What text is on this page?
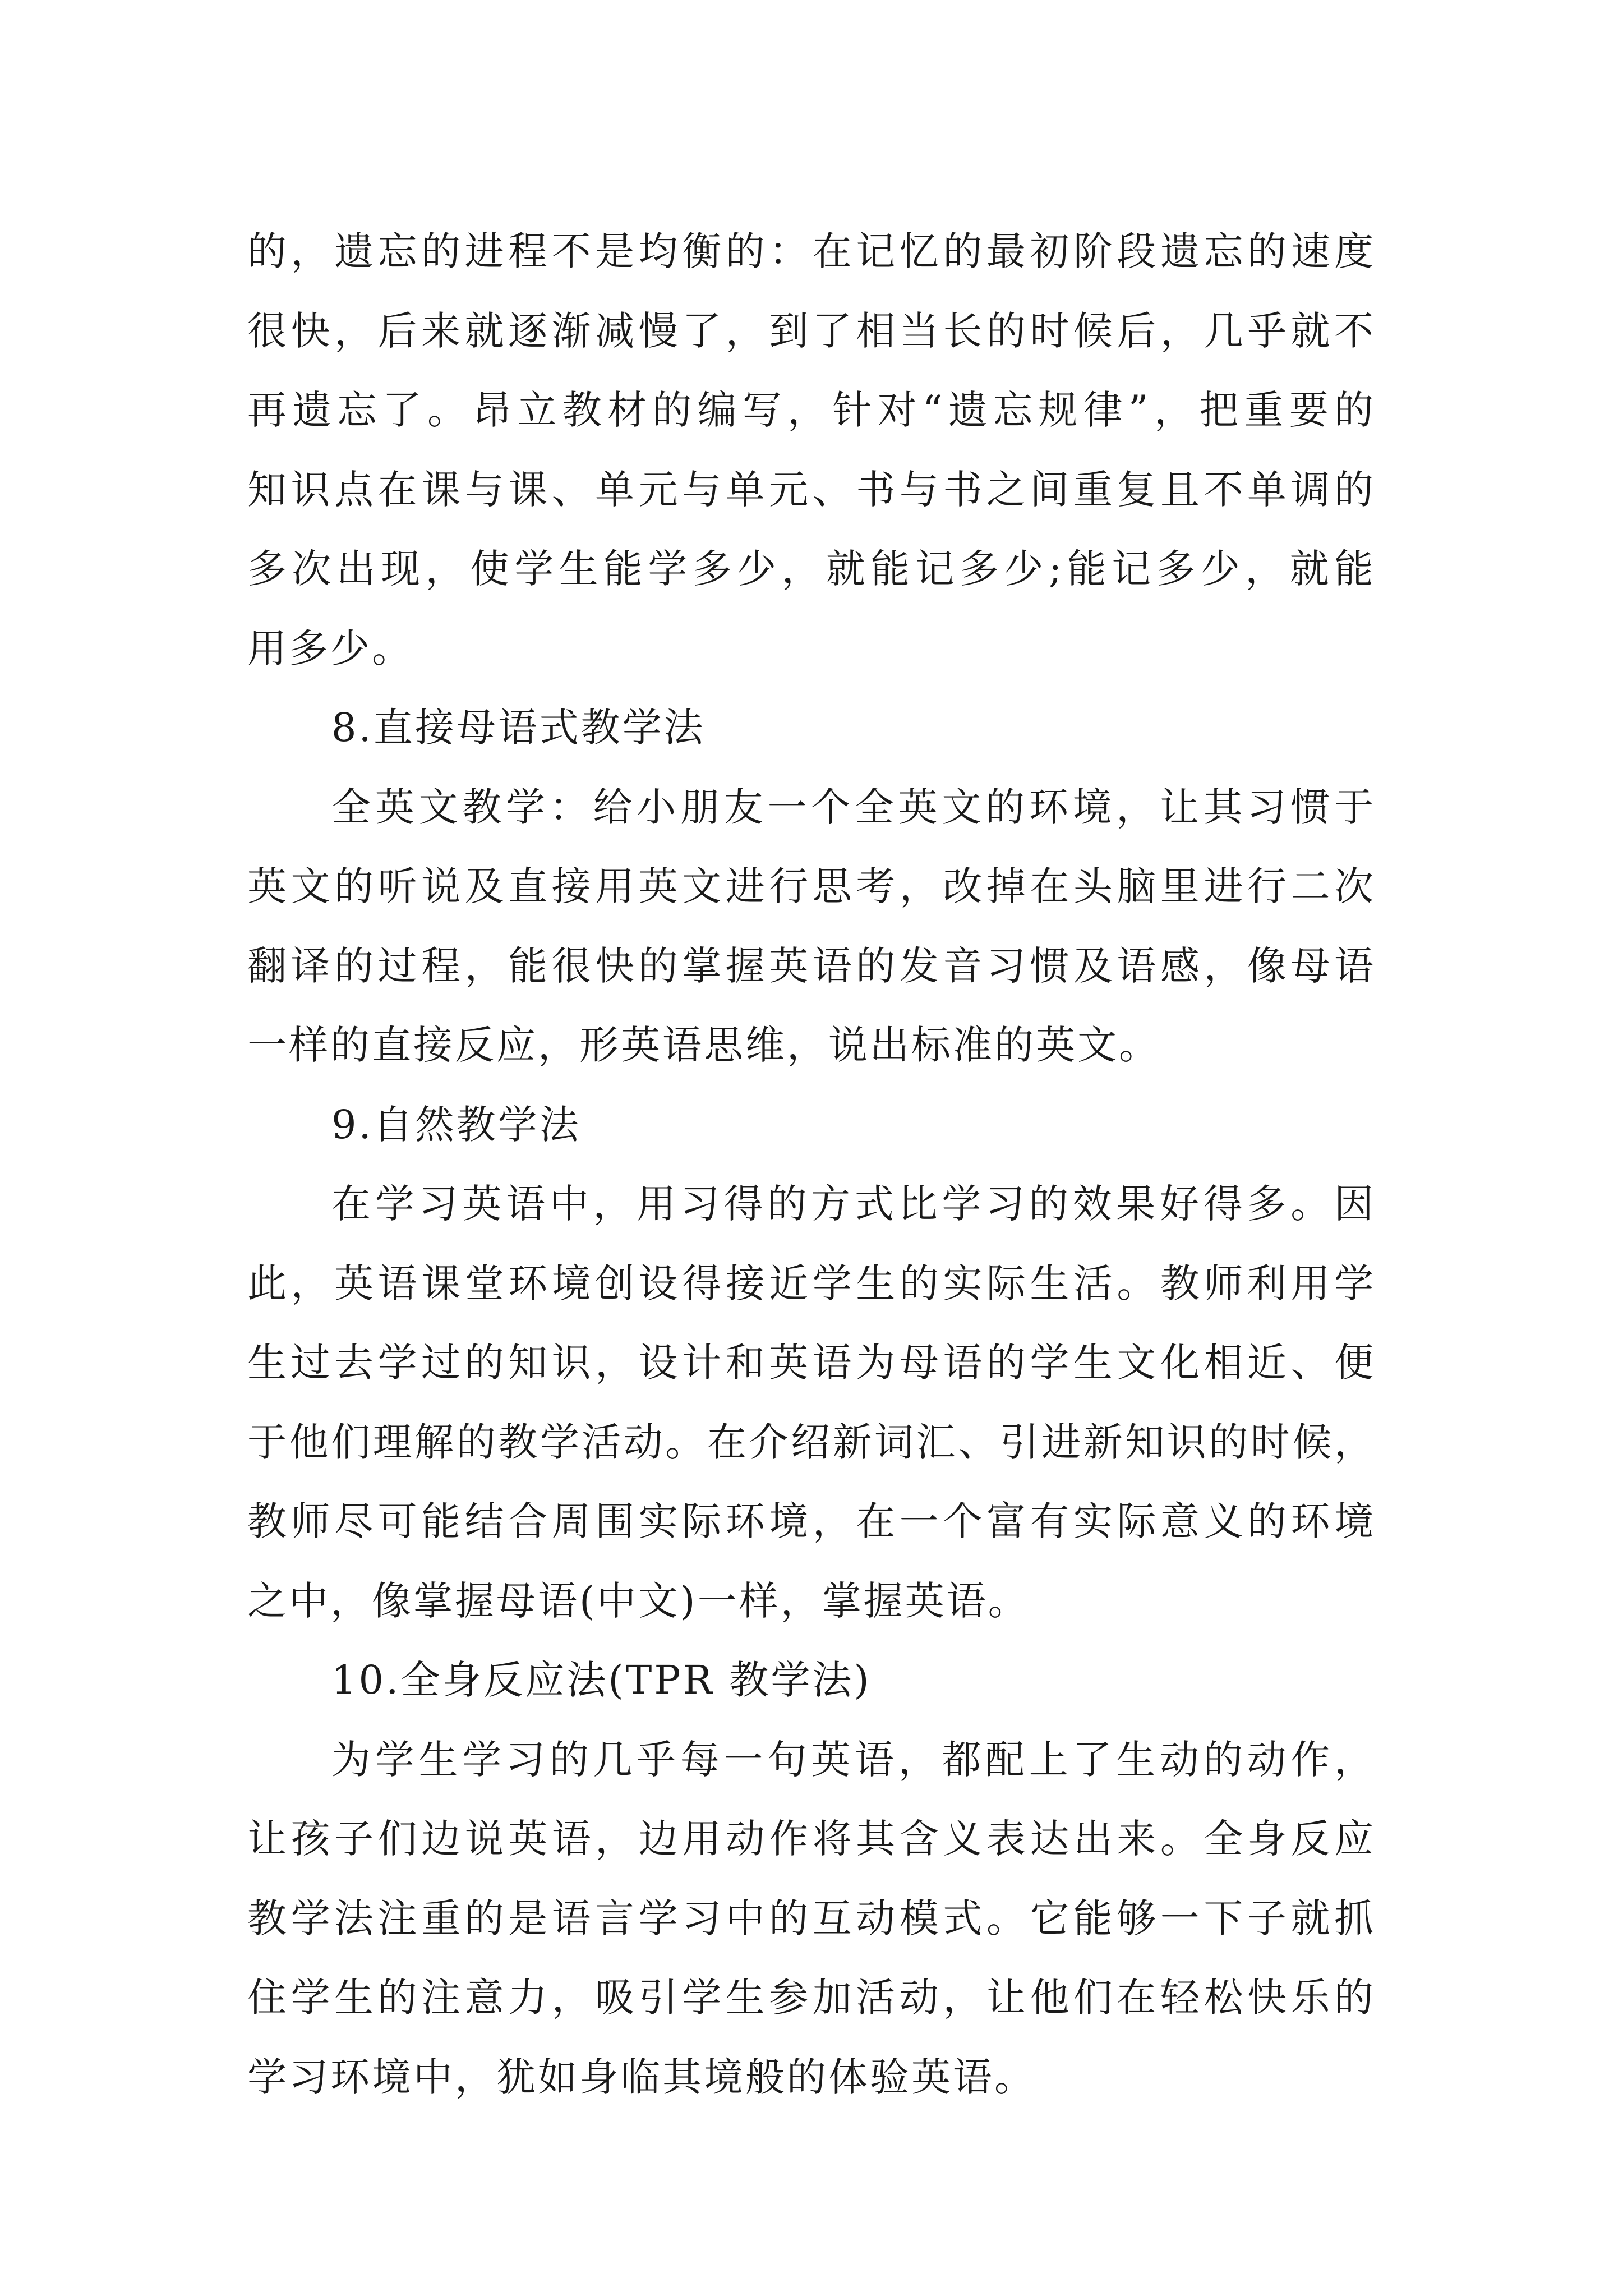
的，遗忘的进程不是均衡的：在记忆的最初阶段遗忘的速度
很快，后来就逐渐减慢了，到了相当长的时候后，几乎就不
再遗忘了。昂立教材的编写，针对“遗忘规律”，把重要的
知识点在课与课、单元与单元、书与书之间重复且不单调的
多次出现，使学生能学多少，就能记多少;能记多少，就能
用多少。
8.直接母语式教学法
全英文教学：给小朋友一个全英文的环境，让其习惯于
英文的听说及直接用英文进行思考，改掉在头脑里进行二次
翻译的过程，能很快的掌握英语的发音习惯及语感，像母语
一样的直接反应，形英语思维，说出标准的英文。
9.自然教学法
在学习英语中，用习得的方式比学习的效果好得多。因
此，英语课堂环境创设得接近学生的实际生活。教师利用学
生过去学过的知识，设计和英语为母语的学生文化相近、便
于他们理解的教学活动。在介绍新词汇、引进新知识的时候，
教师尽可能结合周围实际环境，在一个富有实际意义的环境
之中，像掌握母语(中文)一样，掌握英语。
10.全身反应法(TPR 教学法)
为学生学习的几乎每一句英语，都配上了生动的动作，
让孩子们边说英语，边用动作将其含义表达出来。全身反应
教学法注重的是语言学习中的互动模式。它能够一下子就抓
住学生的注意力，吸引学生参加活动，让他们在轻松快乐的
学习环境中，犹如身临其境般的体验英语。
